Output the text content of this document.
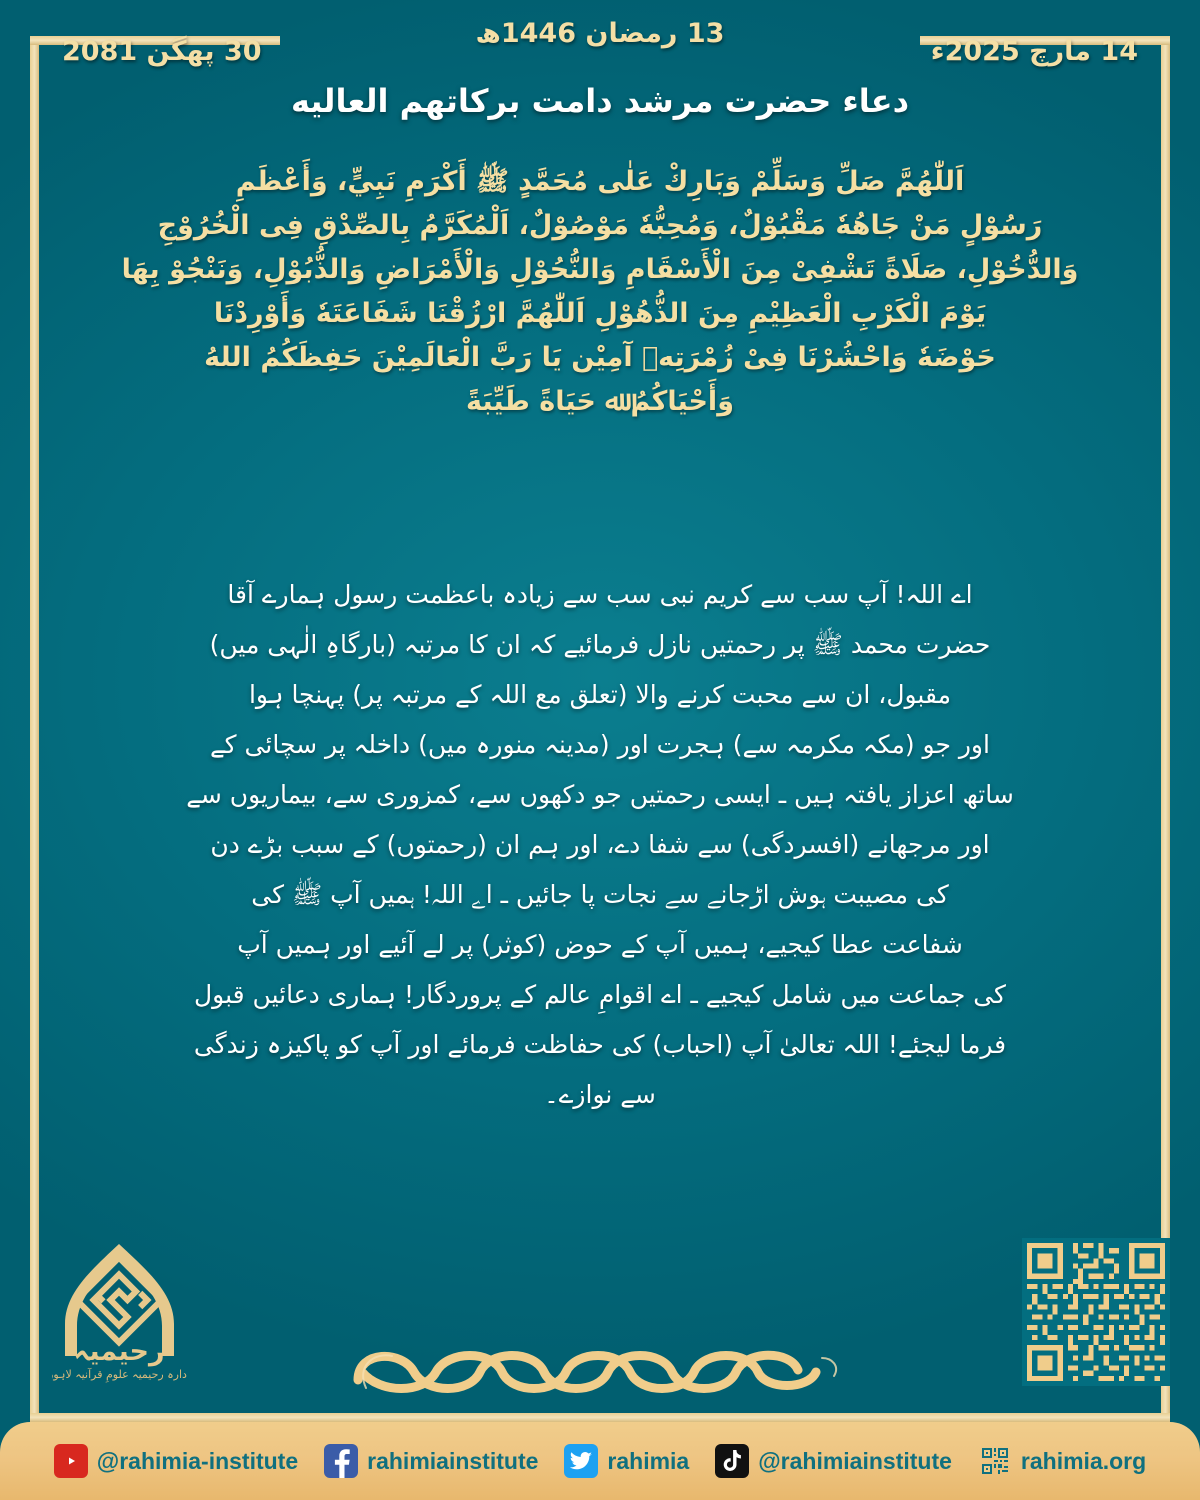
13 رمضان 1446ھ
14 مارچ 2025ء
30 پھگن 2081
دعاء حضرت مرشد دامت برکاتهم العالیه
اَللّٰهُمَّ صَلِّ وَسَلِّمْ وَبَارِكْ عَلٰى مُحَمَّدٍ ﷺ أَكْرَمِ نَبِيٍّ، وَأَعْظَمِ
رَسُوْلٍ مَنْ جَاهُهٗ مَقْبُوْلٌ، وَمُحِبُّهٗ مَوْصُوْلٌ، اَلْمُكَرَّمُ بِالصِّدْقِ فِى الْخُرُوْجِ
وَالدُّخُوْلِ، صَلَاةً تَشْفِىْ مِنَ الْأَسْقَامِ وَالنُّحُوْلِ وَالْأَمْرَاضِ وَالذُّبُوْلِ، وَنَنْجُوْ بِهَا
يَوْمَ الْكَرْبِ الْعَظِيْمِ مِنَ الذُّهُوْلِ اَللّٰهُمَّ ارْزُقْنَا شَفَاعَتَهٗ وَأَوْرِدْنَا
حَوْضَهٗ وَاحْشُرْنَا فِىْ زُمْرَتِهٖ آمِيْن يَا رَبَّ الْعَالَمِيْنَ حَفِظَكُمُ اللهُ
وَأَحْيَاكُمُ ﷲ حَيَاةً طَيِّبَةً
اے اللہ! آپ سب سے کریم نبی سب سے زیادہ باعظمت رسول ہمارے آقا
حضرت محمد ﷺ پر رحمتیں نازل فرمائیے کہ ان کا مرتبہ (بارگاہِ الٰہی میں)
مقبول، ان سے محبت کرنے والا (تعلق مع اللہ کے مرتبہ پر) پہنچا ہوا
اور جو (مکہ مکرمہ سے) ہجرت اور (مدینہ منورہ میں) داخلہ پر سچائی کے
ساتھ اعزاز یافتہ ہیں ـ ایسی رحمتیں جو دکھوں سے، کمزوری سے، بیماریوں سے
اور مرجھانے (افسردگی) سے شفا دے، اور ہم ان (رحمتوں) کے سبب بڑے دن
کی مصیبت ہوش اڑجانے سے نجات پا جائیں ـ اے اللہ! ہمیں آپ ﷺ کی
شفاعت عطا کیجیے، ہمیں آپ کے حوض (کوثر) پر لے آئیے اور ہمیں آپ
کی جماعت میں شامل کیجیے ـ اے اقوامِ عالم کے پروردگار! ہماری دعائیں قبول
فرما لیجئے! اللہ تعالیٰ آپ (احباب) کی حفاظت فرمائے اور آپ کو پاکیزہ زندگی
سے نوازے۔
رحیمیہ
ادارہ رحیمیہ علومِ قرآنیہ لاہور
@rahimia-institute	rahimiainstitute	rahimia	@rahimiainstitute	rahimia.org
